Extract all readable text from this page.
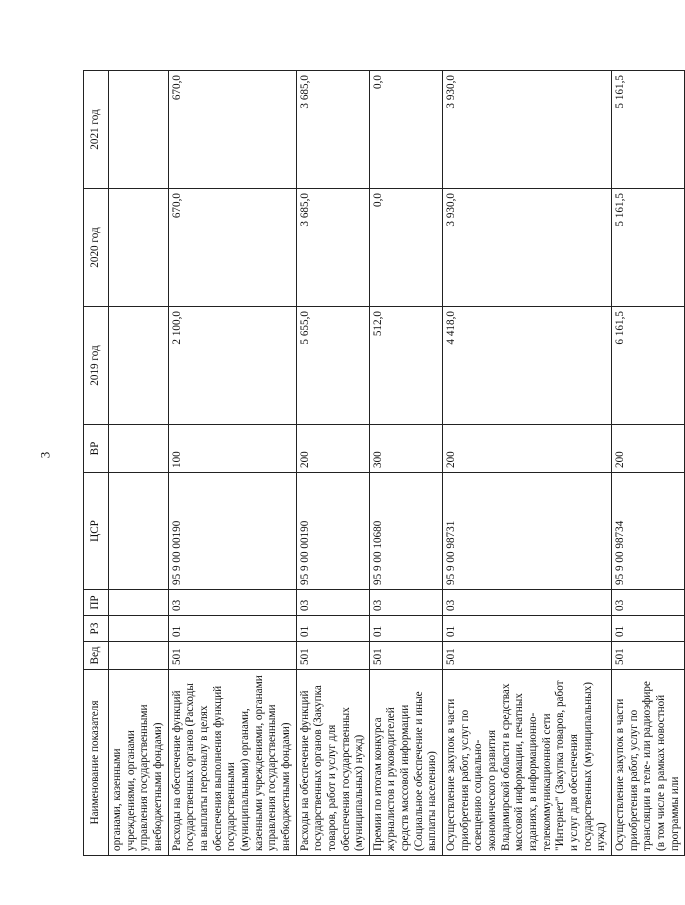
3
Наименование показателя	Вед	РЗ	ПР	ЦСР	ВР	2019 год	2020 год	2021 год
органами, казенными учреждениями, органами управления государственными внебюджетными фондами)								
Расходы на обеспечение функций государственных органов (Расходы на выплаты персоналу в целях обеспечения выполнения функций государственными (муниципальными) органами, казенными учреждениями, органами управления государственными внебюджетными фондами)	501	01	03	95 9 00 00190	100	2 100,0	670,0	670,0
Расходы на обеспечение функций государственных органов (Закупка товаров, работ и услуг для обеспечения государственных (муниципальных) нужд)	501	01	03	95 9 00 00190	200	5 655,0	3 685,0	3 685,0
Премии по итогам конкурса журналистов и руководителей средств массовой информации (Социальное обеспечение и иные выплаты населению)	501	01	03	95 9 00 10680	300	512,0	0,0	0,0
Осуществление закупок в части приобретения работ, услуг по освещению социально-экономического развития Владимирской области в средствах массовой информации, печатных изданиях, в информационно-телекоммуникационной сети "Интернет" (Закупка товаров, работ и услуг для обеспечения государственных (муниципальных) нужд)	501	01	03	95 9 00 98731	200	4 418,0	3 930,0	3 930,0
Осуществление закупок в части приобретения работ, услуг по трансляции в теле- или радиоэфире (в том числе в рамках новостной программы или	501	01	03	95 9 00 98734	200	6 161,5	5 161,5	5 161,5
